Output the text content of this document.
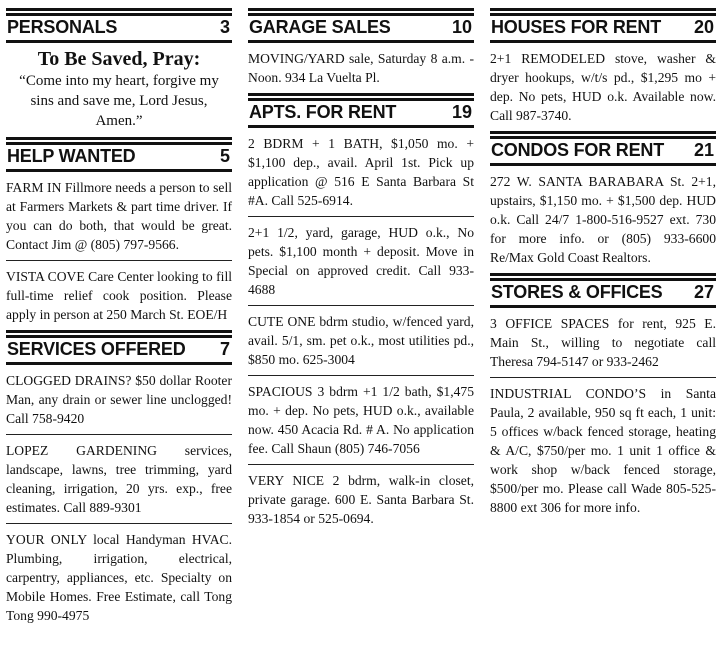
PERSONALS	3
To Be Saved, Pray:
“Come into my heart, forgive my sins and save me, Lord Jesus, Amen.”
HELP WANTED	5

FARM IN Fillmore needs a person to sell at Farmers Markets & part time driver. If you can do both, that would be great. Contact Jim @ (805) 797-9566.

VISTA COVE Care Center looking to fill full-time relief cook position. Please apply in person at 250 March St. EOE/H

SERVICES OFFERED 7

CLOGGED DRAINS? $50 dollar Rooter Man, any drain or sewer line unclogged! Call 758-9420

LOPEZ GARDENING services, landscape, lawns, tree trimming, yard cleaning, irrigation, 20 yrs. exp., free estimates. Call 889-9301

YOUR ONLY local Handyman HVAC. Plumbing, irrigation, electrical, carpentry, appliances, etc. Specialty on Mobile Homes. Free Estimate, call Tong Tong 990-4975

GARAGE SALES	10

MOVING/YARD sale, Saturday 8 a.m. - Noon. 934 La Vuelta Pl.

APTS. FOR RENT	19

2 BDRM + 1 BATH, $1,050 mo. + $1,100 dep., avail. April 1st. Pick up application @ 516 E Santa Barbara St #A. Call 525-6914.

2+1 1/2, yard, garage, HUD o.k., No pets. $1,100 month + deposit. Move in Special on approved credit. Call 933-4688

CUTE ONE bdrm studio, w/fenced yard, avail. 5/1, sm. pet o.k., most utilities pd., $850 mo. 625-3004

SPACIOUS 3 bdrm +1 1/2 bath, $1,475 mo. + dep. No pets, HUD o.k., available now. 450 Acacia Rd. # A. No application fee. Call Shaun (805) 746-7056

VERY NICE 2 bdrm, walk-in closet, private garage. 600 E. Santa Barbara St. 933-1854 or 525-0694.

HOUSES FOR RENT 20

2+1 REMODELED stove, washer & dryer hookups, w/t/s pd., $1,295 mo + dep. No pets, HUD o.k. Available now. Call 987-3740.

CONDOS FOR RENT 21

272 W. SANTA BARABARA St. 2+1, upstairs, $1,150 mo. + $1,500 dep. HUD o.k. Call 24/7 1-800-516-9527 ext. 730 for more info. or (805) 933-6600 Re/Max Gold Coast Realtors.

STORES & OFFICES 27

3 OFFICE SPACES for rent, 925 E. Main St., willing to negotiate call Theresa 794-5147 or 933-2462

INDUSTRIAL CONDO’S in Santa Paula, 2 available, 950 sq ft each, 1 unit: 5 offices w/back fenced storage, heating & A/C, $750/per mo. 1 unit 1 office & work shop w/back fenced storage, $500/per mo. Please call Wade 805-525-8800 ext 306 for more info.
